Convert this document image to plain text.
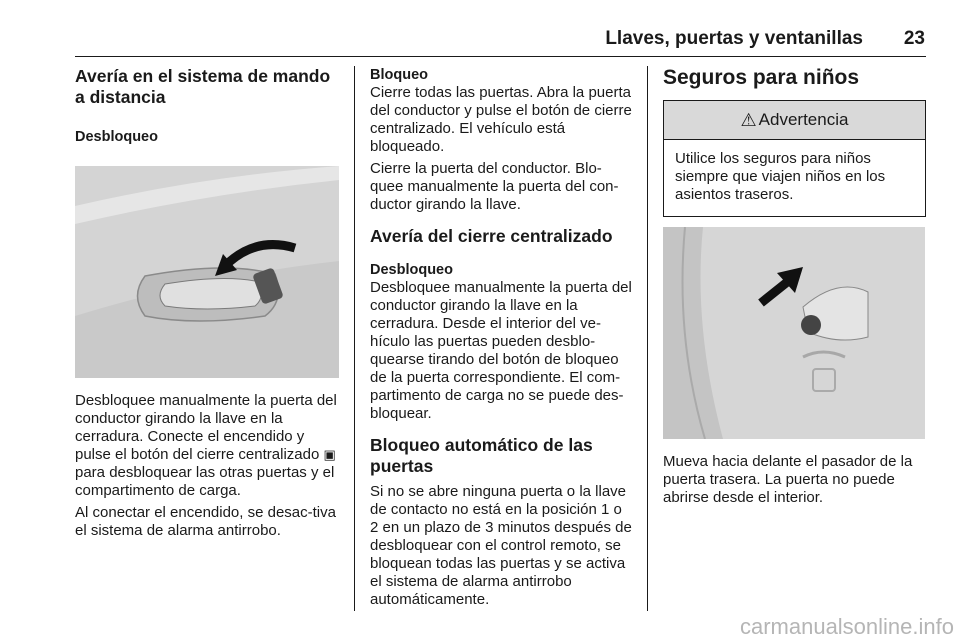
Llaves, puertas y ventanillas 23
Avería en el sistema de mando a distancia
Desbloqueo

Desbloquee manualmente la puerta del conductor girando la llave en la cerradura. Conecte el encendido y pulse el botón del cierre centralizado ▣ para desbloquear las otras puertas y el compartimento de carga.

Al conectar el encendido, se desac-tiva el sistema de alarma antirrobo.

Bloqueo

Cierre todas las puertas. Abra la puerta del conductor y pulse el botón de cierre centralizado. El vehículo está bloqueado.

Cierre la puerta del conductor. Blo-quee manualmente la puerta del con-ductor girando la llave.

Avería del cierre centralizado
Desbloqueo

Desbloquee manualmente la puerta del conductor girando la llave en la cerradura. Desde el interior del ve-hículo las puertas pueden desblo-quearse tirando del botón de bloqueo de la puerta correspondiente. El com-partimento de carga no se puede des-bloquear.

Bloqueo automático de las puertas

Si no se abre ninguna puerta o la llave de contacto no está en la posición 1 o 2 en un plazo de 3 minutos después de desbloquear con el control remoto, se bloquean todas las puertas y se activa el sistema de alarma antirrobo automáticamente.

Seguros para niños
⚠ Advertencia
Utilice los seguros para niños siempre que viajen niños en los asientos traseros.

Mueva hacia delante el pasador de la puerta trasera. La puerta no puede abrirse desde el interior.

carmanualsonline.info
